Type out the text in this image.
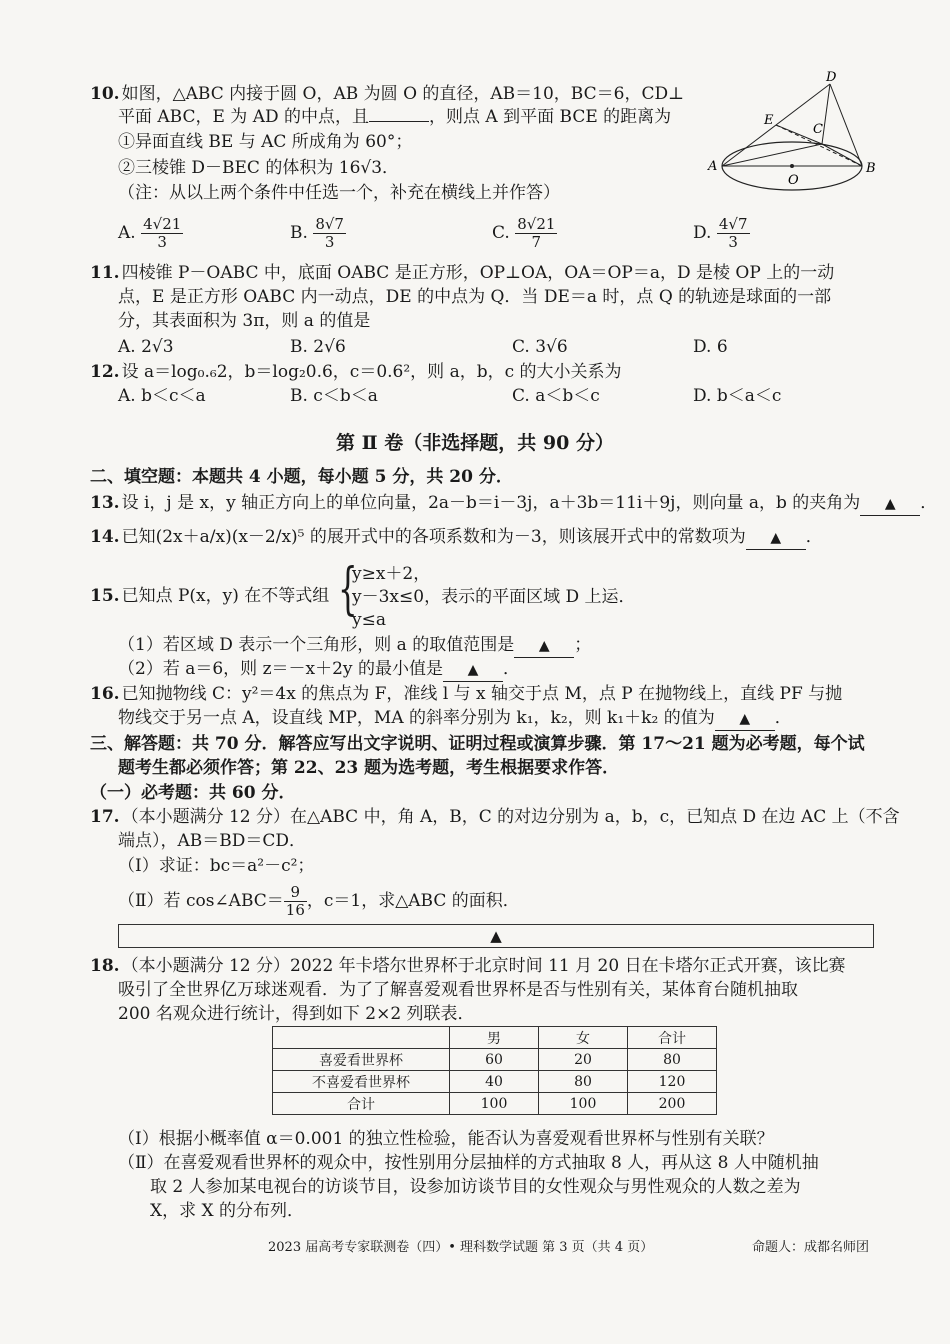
D
E
C
A
O
B
10. 如图，△ABC 内接于圆 O，AB 为圆 O 的直径，AB＝10，BC＝6，CD⊥
平面 ABC，E 为 AD 的中点，且	，则点 A 到平面 BCE 的距离为
①异面直线 BE 与 AC 所成角为 60°；
②三棱锥 D－BEC 的体积为 16√3．
（注：从以上两个条件中任选一个，补充在横线上并作答）
A. $\frac{4√21}{3}$	B. $\frac{8√7}{3}$	C. $\frac{8√21}{7}$	D. $\frac{4√7}{3}$
11. 四棱锥 P－OABC 中，底面 OABC 是正方形，OP⊥OA，OA＝OP＝a，D 是棱 OP 上的一动
点，E 是正方形 OABC 内一动点，DE 的中点为 Q．当 DE＝a 时，点 Q 的轨迹是球面的一部
分，其表面积为 3π，则 a 的值是
A. 2√3	B. 2√6	C. 3√6	D. 6
12. 设 a＝log₀.₆2，b＝log₂0.6，c＝0.6²，则 a，b，c 的大小关系为
A. b＜c＜a	B. c＜b＜a	C. a＜b＜c	D. b＜a＜c
第 Ⅱ 卷（非选择题，共 90 分）
二、填空题：本题共 4 小题，每小题 5 分，共 20 分．
13. 设 i，j 是 x，y 轴正方向上的单位向量，2a－b＝i－3j，a＋3b＝11i＋9j，则向量 a，b 的夹角为 ▲ ．
14. 已知(2x＋a/x)(x－2/x)⁵ 的展开式中的各项系数和为－3，则该展开式中的常数项为 ▲ ．
15. 已知点 P(x，y) 在不等式组 {
y≥x＋2，
y－3x≤0，表示的平面区域 D 上运．
y≤a
（1）若区域 D 表示一个三角形，则 a 的取值范围是 ▲ ；
（2）若 a＝6，则 z＝－x＋2y 的最小值是 ▲ ．
16. 已知抛物线 C：y²＝4x 的焦点为 F，准线 l 与 x 轴交于点 M，点 P 在抛物线上，直线 PF 与抛
物线交于另一点 A，设直线 MP，MA 的斜率分别为 k₁，k₂，则 k₁＋k₂ 的值为 ▲ ．
三、解答题：共 70 分．解答应写出文字说明、证明过程或演算步骤．第 17～21 题为必考题，每个试
题考生都必须作答；第 22、23 题为选考题，考生根据要求作答．
（一）必考题：共 60 分．
17. （本小题满分 12 分）在△ABC 中，角 A，B，C 的对边分别为 a，b，c，已知点 D 在边 AC 上（不含
端点），AB＝BD＝CD．
（Ⅰ）求证：bc＝a²－c²；
（Ⅱ）若 cos∠ABC＝ $\frac{9}{16}$ ，c＝1，求△ABC 的面积．
▲
18. （本小题满分 12 分）2022 年卡塔尔世界杯于北京时间 11 月 20 日在卡塔尔正式开赛，该比赛
吸引了全世界亿万球迷观看．为了了解喜爱观看世界杯是否与性别有关，某体育台随机抽取
200 名观众进行统计，得到如下 2×2 列联表．
	男	女	合计
喜爱看世界杯	60	20	80
不喜爱看世界杯	40	80	120
合计	100	100	200
（Ⅰ）根据小概率值 α＝0.001 的独立性检验，能否认为喜爱观看世界杯与性别有关联？
（Ⅱ）在喜爱观看世界杯的观众中，按性别用分层抽样的方式抽取 8 人，再从这 8 人中随机抽
取 2 人参加某电视台的访谈节目，设参加访谈节目的女性观众与男性观众的人数之差为
X，求 X 的分布列．
2023 届高考专家联测卷（四）• 理科数学试题 第 3 页（共 4 页）	命题人：成都名师团
